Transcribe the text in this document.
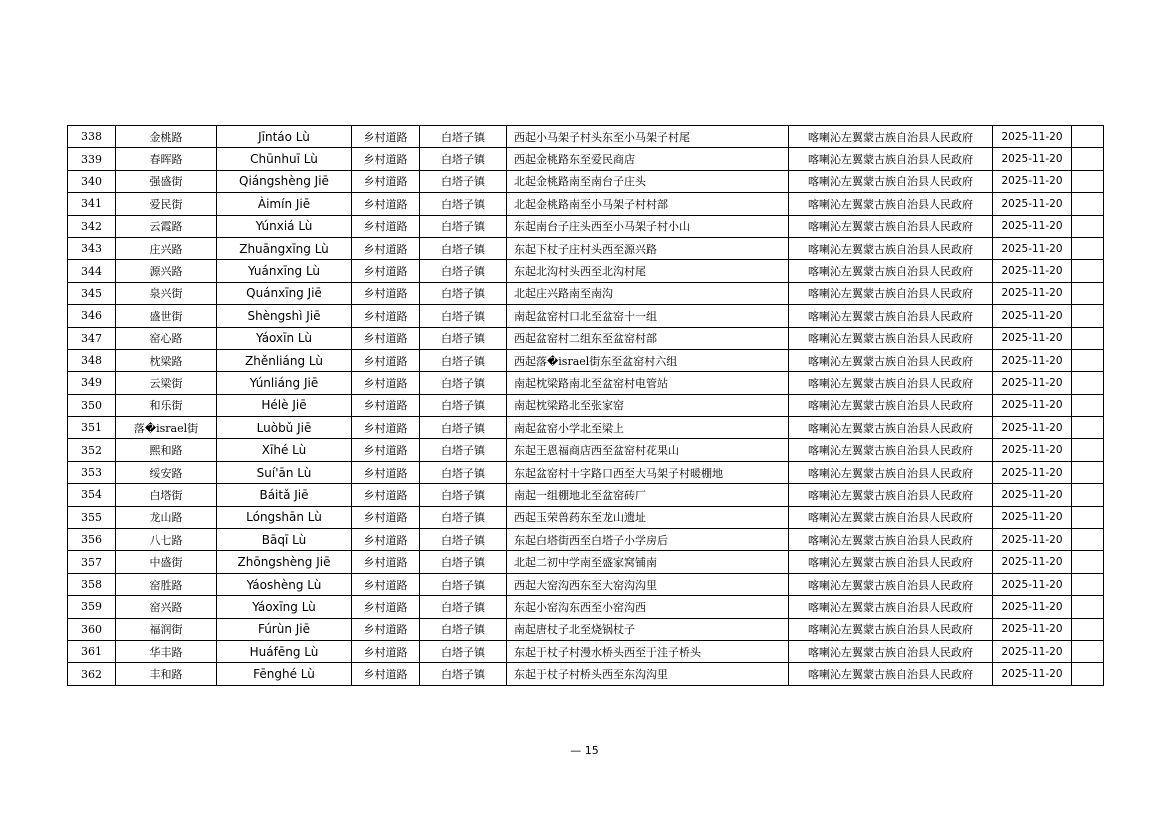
338	金桃路	Jīntáo Lù	乡村道路	白塔子镇	西起小马架子村头东至小马架子村尾	喀喇沁左翼蒙古族自治县人民政府	2025-11-20	
339	春晖路	Chūnhuī Lù	乡村道路	白塔子镇	西起金桃路东至爱民商店	喀喇沁左翼蒙古族自治县人民政府	2025-11-20	
340	强盛街	Qiángshèng Jiē	乡村道路	白塔子镇	北起金桃路南至南台子庄头	喀喇沁左翼蒙古族自治县人民政府	2025-11-20	
341	爱民街	Àimín Jiē	乡村道路	白塔子镇	北起金桃路南至小马架子村村部	喀喇沁左翼蒙古族自治县人民政府	2025-11-20	
342	云霞路	Yúnxiá Lù	乡村道路	白塔子镇	东起南台子庄头西至小马架子村小山	喀喇沁左翼蒙古族自治县人民政府	2025-11-20	
343	庄兴路	Zhuāngxīng Lù	乡村道路	白塔子镇	东起下杖子庄村头西至源兴路	喀喇沁左翼蒙古族自治县人民政府	2025-11-20	
344	源兴路	Yuánxīng Lù	乡村道路	白塔子镇	东起北沟村头西至北沟村尾	喀喇沁左翼蒙古族自治县人民政府	2025-11-20	
345	泉兴街	Quánxīng Jiē	乡村道路	白塔子镇	北起庄兴路南至南沟	喀喇沁左翼蒙古族自治县人民政府	2025-11-20	
346	盛世街	Shèngshì Jiē	乡村道路	白塔子镇	南起盆窑村口北至盆窑十一组	喀喇沁左翼蒙古族自治县人民政府	2025-11-20	
347	窑心路	Yáoxīn Lù	乡村道路	白塔子镇	西起盆窑村二组东至盆窑村部	喀喇沁左翼蒙古族自治县人民政府	2025-11-20	
348	枕梁路	Zhěnliáng Lù	乡村道路	白塔子镇	西起落�israel街东至盆窑村六组	喀喇沁左翼蒙古族自治县人民政府	2025-11-20	
349	云梁街	Yúnliáng Jiē	乡村道路	白塔子镇	南起枕梁路南北至盆窑村电管站	喀喇沁左翼蒙古族自治县人民政府	2025-11-20	
350	和乐街	Hélè Jiē	乡村道路	白塔子镇	南起枕梁路北至张家窑	喀喇沁左翼蒙古族自治县人民政府	2025-11-20	
351	落�israel街	Luòbǔ Jiē	乡村道路	白塔子镇	南起盆窑小学北至梁上	喀喇沁左翼蒙古族自治县人民政府	2025-11-20	
352	熙和路	Xīhé Lù	乡村道路	白塔子镇	东起王恩福商店西至盆窑村花果山	喀喇沁左翼蒙古族自治县人民政府	2025-11-20	
353	绥安路	Suí'ān Lù	乡村道路	白塔子镇	东起盆窑村十字路口西至大马架子村暖棚地	喀喇沁左翼蒙古族自治县人民政府	2025-11-20	
354	白塔街	Báitǎ Jiē	乡村道路	白塔子镇	南起一组棚地北至盆窑砖厂	喀喇沁左翼蒙古族自治县人民政府	2025-11-20	
355	龙山路	Lóngshān Lù	乡村道路	白塔子镇	西起玉荣兽药东至龙山遗址	喀喇沁左翼蒙古族自治县人民政府	2025-11-20	
356	八七路	Bāqī Lù	乡村道路	白塔子镇	东起白塔街西至白塔子小学房后	喀喇沁左翼蒙古族自治县人民政府	2025-11-20	
357	中盛街	Zhōngshèng Jiē	乡村道路	白塔子镇	北起二初中学南至盛家窝铺南	喀喇沁左翼蒙古族自治县人民政府	2025-11-20	
358	窑胜路	Yáoshèng Lù	乡村道路	白塔子镇	西起大窑沟西东至大窑沟沟里	喀喇沁左翼蒙古族自治县人民政府	2025-11-20	
359	窑兴路	Yáoxīng Lù	乡村道路	白塔子镇	东起小窑沟东西至小窑沟西	喀喇沁左翼蒙古族自治县人民政府	2025-11-20	
360	福润街	Fúrùn Jiē	乡村道路	白塔子镇	南起唐杖子北至烧锅杖子	喀喇沁左翼蒙古族自治县人民政府	2025-11-20	
361	华丰路	Huáfēng Lù	乡村道路	白塔子镇	东起于杖子村漫水桥头西至于洼子桥头	喀喇沁左翼蒙古族自治县人民政府	2025-11-20	
362	丰和路	Fēnghé Lù	乡村道路	白塔子镇	东起于杖子村桥头西至东沟沟里	喀喇沁左翼蒙古族自治县人民政府	2025-11-20	
— 15
